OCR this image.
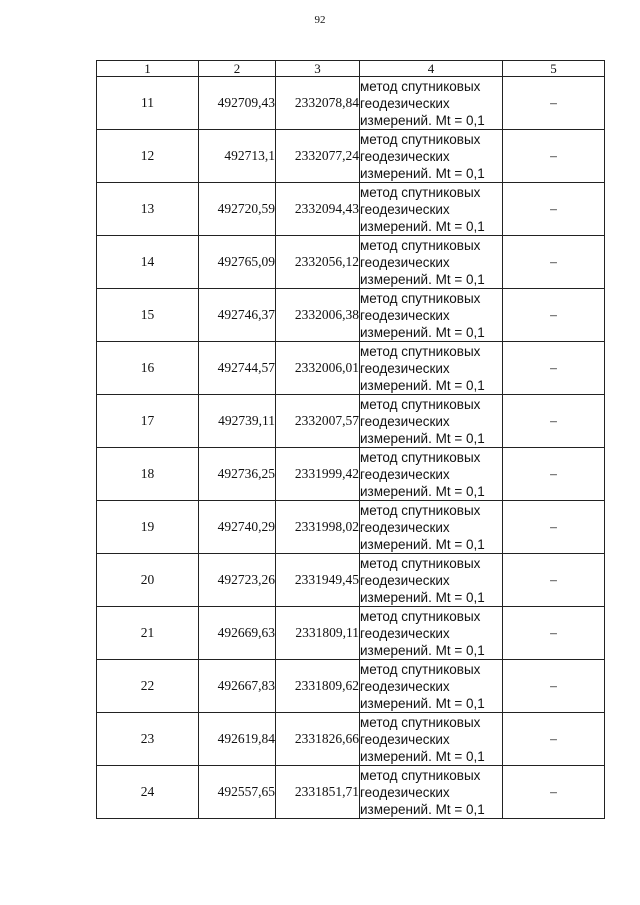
92
1	2	3	4	5
11	492709,43	2332078,84	метод спутниковых
геодезических
измерений. Mt = 0,1	–
12	492713,1	2332077,24	метод спутниковых
геодезических
измерений. Mt = 0,1	–
13	492720,59	2332094,43	метод спутниковых
геодезических
измерений. Mt = 0,1	–
14	492765,09	2332056,12	метод спутниковых
геодезических
измерений. Mt = 0,1	–
15	492746,37	2332006,38	метод спутниковых
геодезических
измерений. Mt = 0,1	–
16	492744,57	2332006,01	метод спутниковых
геодезических
измерений. Mt = 0,1	–
17	492739,11	2332007,57	метод спутниковых
геодезических
измерений. Mt = 0,1	–
18	492736,25	2331999,42	метод спутниковых
геодезических
измерений. Mt = 0,1	–
19	492740,29	2331998,02	метод спутниковых
геодезических
измерений. Mt = 0,1	–
20	492723,26	2331949,45	метод спутниковых
геодезических
измерений. Mt = 0,1	–
21	492669,63	2331809,11	метод спутниковых
геодезических
измерений. Mt = 0,1	–
22	492667,83	2331809,62	метод спутниковых
геодезических
измерений. Mt = 0,1	–
23	492619,84	2331826,66	метод спутниковых
геодезических
измерений. Mt = 0,1	–
24	492557,65	2331851,71	метод спутниковых
геодезических
измерений. Mt = 0,1	–
